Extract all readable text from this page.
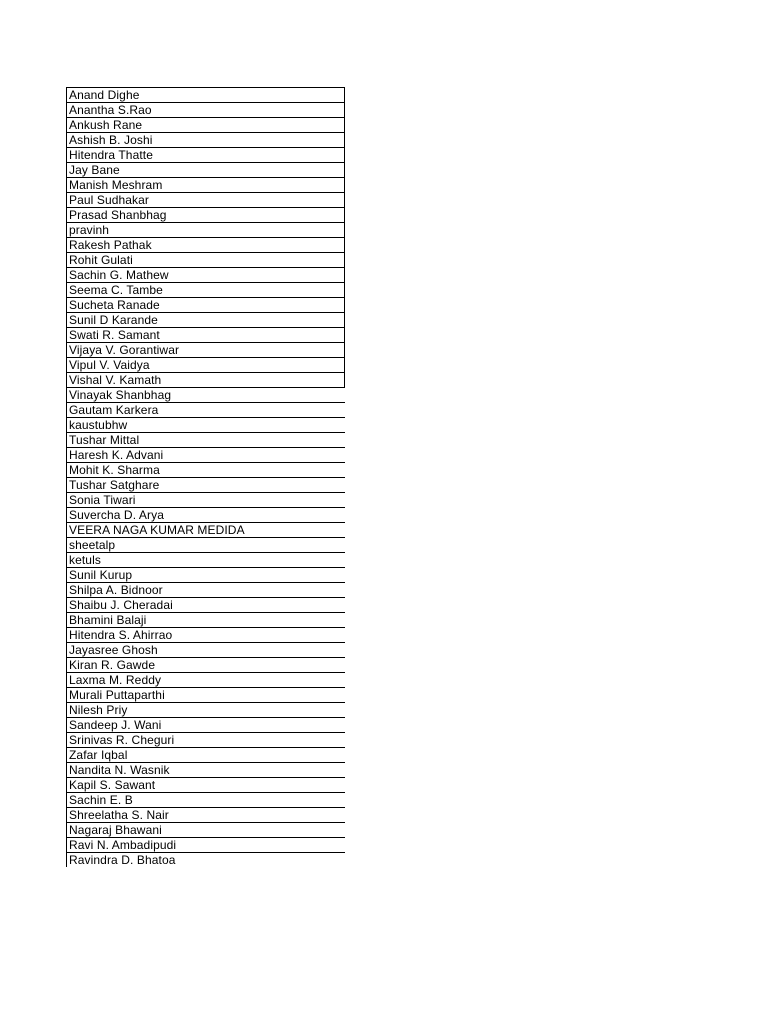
Anand Dighe
Anantha S.Rao
Ankush Rane
Ashish B. Joshi
Hitendra Thatte
Jay Bane
Manish Meshram
Paul Sudhakar
Prasad Shanbhag
pravinh
Rakesh Pathak
Rohit Gulati
Sachin G. Mathew
Seema C. Tambe
Sucheta Ranade
Sunil D Karande
Swati R. Samant
Vijaya V. Gorantiwar
Vipul V. Vaidya
Vishal V. Kamath
Vinayak Shanbhag
Gautam Karkera
kaustubhw
Tushar Mittal
Haresh K. Advani
Mohit K. Sharma
Tushar Satghare
Sonia Tiwari
Suvercha D. Arya
VEERA NAGA KUMAR MEDIDA
sheetalp
ketuls
Sunil Kurup
Shilpa A. Bidnoor
Shaibu J. Cheradai
Bhamini Balaji
Hitendra S. Ahirrao
Jayasree Ghosh
Kiran R. Gawde
Laxma M. Reddy
Murali Puttaparthi
Nilesh Priy
Sandeep J. Wani
Srinivas R. Cheguri
Zafar Iqbal
Nandita N. Wasnik
Kapil S. Sawant
Sachin E. B
Shreelatha S. Nair
Nagaraj Bhawani
Ravi N. Ambadipudi
Ravindra D. Bhatoa
